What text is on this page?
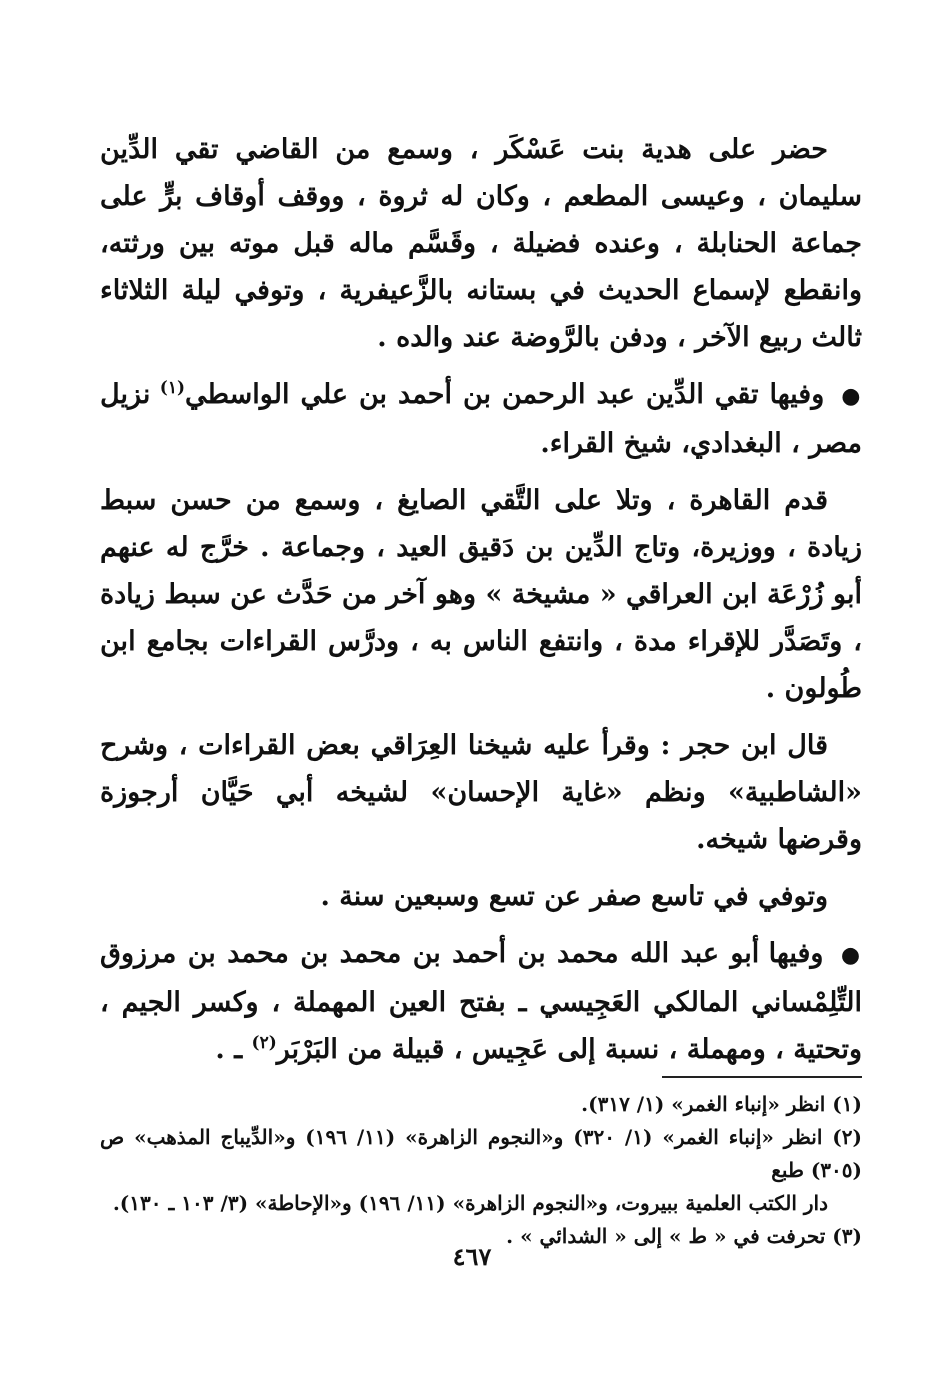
حضر على هدية بنت عَسْكَر ، وسمع من القاضي تقي الدِّين سليمان ، وعيسى المطعم ، وكان له ثروة ، ووقف أوقاف برٍّ على جماعة الحنابلة ، وعنده فضيلة ، وقَسَّم ماله قبل موته بين ورثته، وانقطع لإسماع الحديث في بستانه بالزَّعيفرية ، وتوفي ليلة الثلاثاء ثالث ربيع الآخر ، ودفن بالرَّوضة عند والده .

● وفيها تقي الدِّين عبد الرحمن بن أحمد بن علي الواسطي$^{(١)}$ نزيل مصر ، البغدادي، شيخ القراء.

قدم القاهرة ، وتلا على التَّقي الصايغ ، وسمع من حسن سبط زيادة ، ووزيرة، وتاج الدِّين بن دَقيق العيد ، وجماعة . خرَّج له عنهم أبو زُرْعَة ابن العراقي « مشيخة » وهو آخر من حَدَّث عن سبط زيادة ، وتَصَدَّر للإقراء مدة ، وانتفع الناس به ، ودرَّس القراءات بجامع ابن طُولون .

قال ابن حجر : وقرأ عليه شيخنا العِرَاقي بعض القراءات ، وشرح «الشاطبية» ونظم «غاية الإحسان» لشيخه أبي حَيَّان أرجوزة وقرضها شيخه.

وتوفي في تاسع صفر عن تسع وسبعين سنة .

● وفيها أبو عبد الله محمد بن أحمد بن محمد بن محمد بن مرزوق التِّلِمْساني المالكي العَجِيسي ـ بفتح العين المهملة ، وكسر الجيم ، وتحتية ، ومهملة ، نسبة إلى عَجِيس ، قبيلة من البَرْبَر$^{(٢)}$ ـ .

(١) انظر «إنباء الغمر» (١/ ٣١٧).

(٢) انظر «إنباء الغمر» (١/ ٣٢٠) و«النجوم الزاهرة» (١١/ ١٩٦) و«الدِّيباج المذهب» ص (٣٠٥) طبع

دار الكتب العلمية ببيروت، و«النجوم الزاهرة» (١١/ ١٩٦) و«الإحاطة» (٣/ ١٠٣ ـ ١٣٠).

(٣) تحرفت في « ط » إلى « الشدائي » .

٤٦٧
